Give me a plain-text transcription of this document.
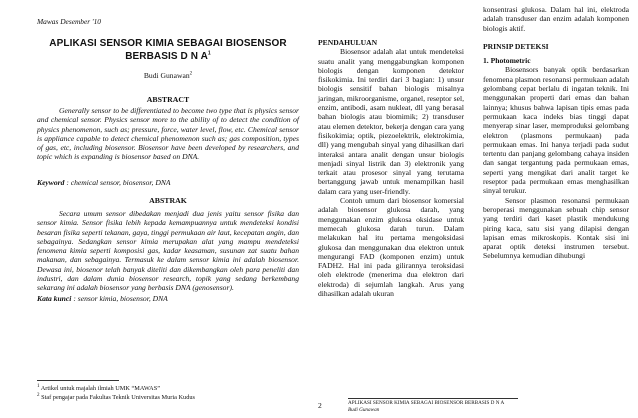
Mawas Desember '10
APLIKASI SENSOR KIMIA SEBAGAI BIOSENSOR BERBASIS D N $A^1$
Budi Gunawan$^2$
ABSTRACT

Generally sensor to be differentiated to become two type that is physics sensor and chemical sensor. Physics sensor more to the ability of to detect the condition of physics phenomenon, such as; pressure, force, water level, flow, etc. Chemical sensor is appliance capable to detect chemical phenomenon such as; gas composition, types of gas, etc, including biosensor. Biosensor have been developed by researchers, and topic which is expanding is biosensor based on DNA.

Keyword : chemical sensor, biosensor, DNA
ABSTRAK

Secara umum sensor dibedakan menjadi dua jenis yaitu sensor fisika dan sensor kimia. Sensor fisika lebih kepada kemampuannya untuk mendeteksi kondisi besaran fisika seperti tekanan, gaya, tinggi permukaan air laut, kecepatan angin, dan sebagainya. Sedangkan sensor kimia merupakan alat yang mampu mendeteksi fenomena kimia seperti komposisi gas, kadar keasaman, susunan zat suatu bahan makanan, dan sebagainya. Termasuk ke dalam sensor kimia ini adalah biosensor. Dewasa ini, biosenor telah banyak diteliti dan dikembangkan oleh para peneliti dan industri, dan dalam dunia biosensor research, topik yang sedang berkembang sekarang ini adalah biosensor yang berbasis DNA (genosensor).

Kata kunci : sensor kimia, biosensor, DNA
$^1$ Artikel untuk majalah ilmiah UMK “MAWAS”
$^2$ Staf pengajar pada Fakultas Teknik Universitas Muria Kudus

PENDAHULUAN

Biosensor adalah alat untuk mendeteksi suatu analit yang menggabungkan komponen biologis dengan komponen detektor fisikokimia. Ini terdiri dari 3 bagian: 1) unsur biologis sensitif bahan biologis misalnya jaringan, mikroorganisme, organel, reseptor sel, enzim, antibodi, asam nukleat, dll yang berasal bahan biologis atau biomimik; 2) transduser atau elemen detektor, bekerja dengan cara yang fisikokimia; optik, piezoelektrik, elektrokimia, dll) yang mengubah sinyal yang dihasilkan dari interaksi antara analit dengan unsur biologis menjadi sinyal listrik dan 3) elektronik yang terkait atau prosesor sinyal yang terutama bertanggung jawab untuk menampilkan hasil dalam cara yang user-friendly.

Contoh umum dari biosensor komersial adalah biosensor glukosa darah, yang menggunakan enzim glukosa oksidase untuk memecah glukosa darah turun. Dalam melakukan hal itu pertama mengoksidasi glukosa dan menggunakan dua elektron untuk mengurangi FAD (komponen enzim) untuk FADH2. Hal ini pada gilirannya teroksidasi oleh elektrode (menerima dua elektron dari elektroda) di sejumlah langkah. Arus yang dihasilkan adalah ukuran

konsentrasi glukosa. Dalam hal ini, elektroda adalah transduser dan enzim adalah komponen biologis aktif.

PRINSIP DETEKSI

1. Photometric

Biosensors banyak optik berdasarkan fenomena plasmon resonansi permukaan adalah gelombang cepat berlalu di ingatan teknik. Ini menggunakan properti dari emas dan bahan lainnya; khusus bahwa lapisan tipis emas pada permukaan kaca indeks bias tinggi dapat menyerap sinar laser, memproduksi gelombang elektron (plasmons permukaan) pada permukaan emas. Ini hanya terjadi pada sudut tertentu dan panjang gelombang cahaya insiden dan sangat tergantung pada permukaan emas, seperti yang mengikat dari analit target ke reseptor pada permukaan emas menghasilkan sinyal terukur.

Sensor plasmon resonansi permukaan beroperasi menggunakan sebuah chip sensor yang terdiri dari kaset plastik mendukung piring kaca, satu sisi yang dilapisi dengan lapisan emas mikroskopis. Kontak sisi ini aparat optik deteksi instrumen tersebut. Sebelumnya kemudian dihubungi

2	APLIKASI SENSOR KIMIA SEBAGAI BIOSENSOR BERBASIS D N A
Budi Gunawan
